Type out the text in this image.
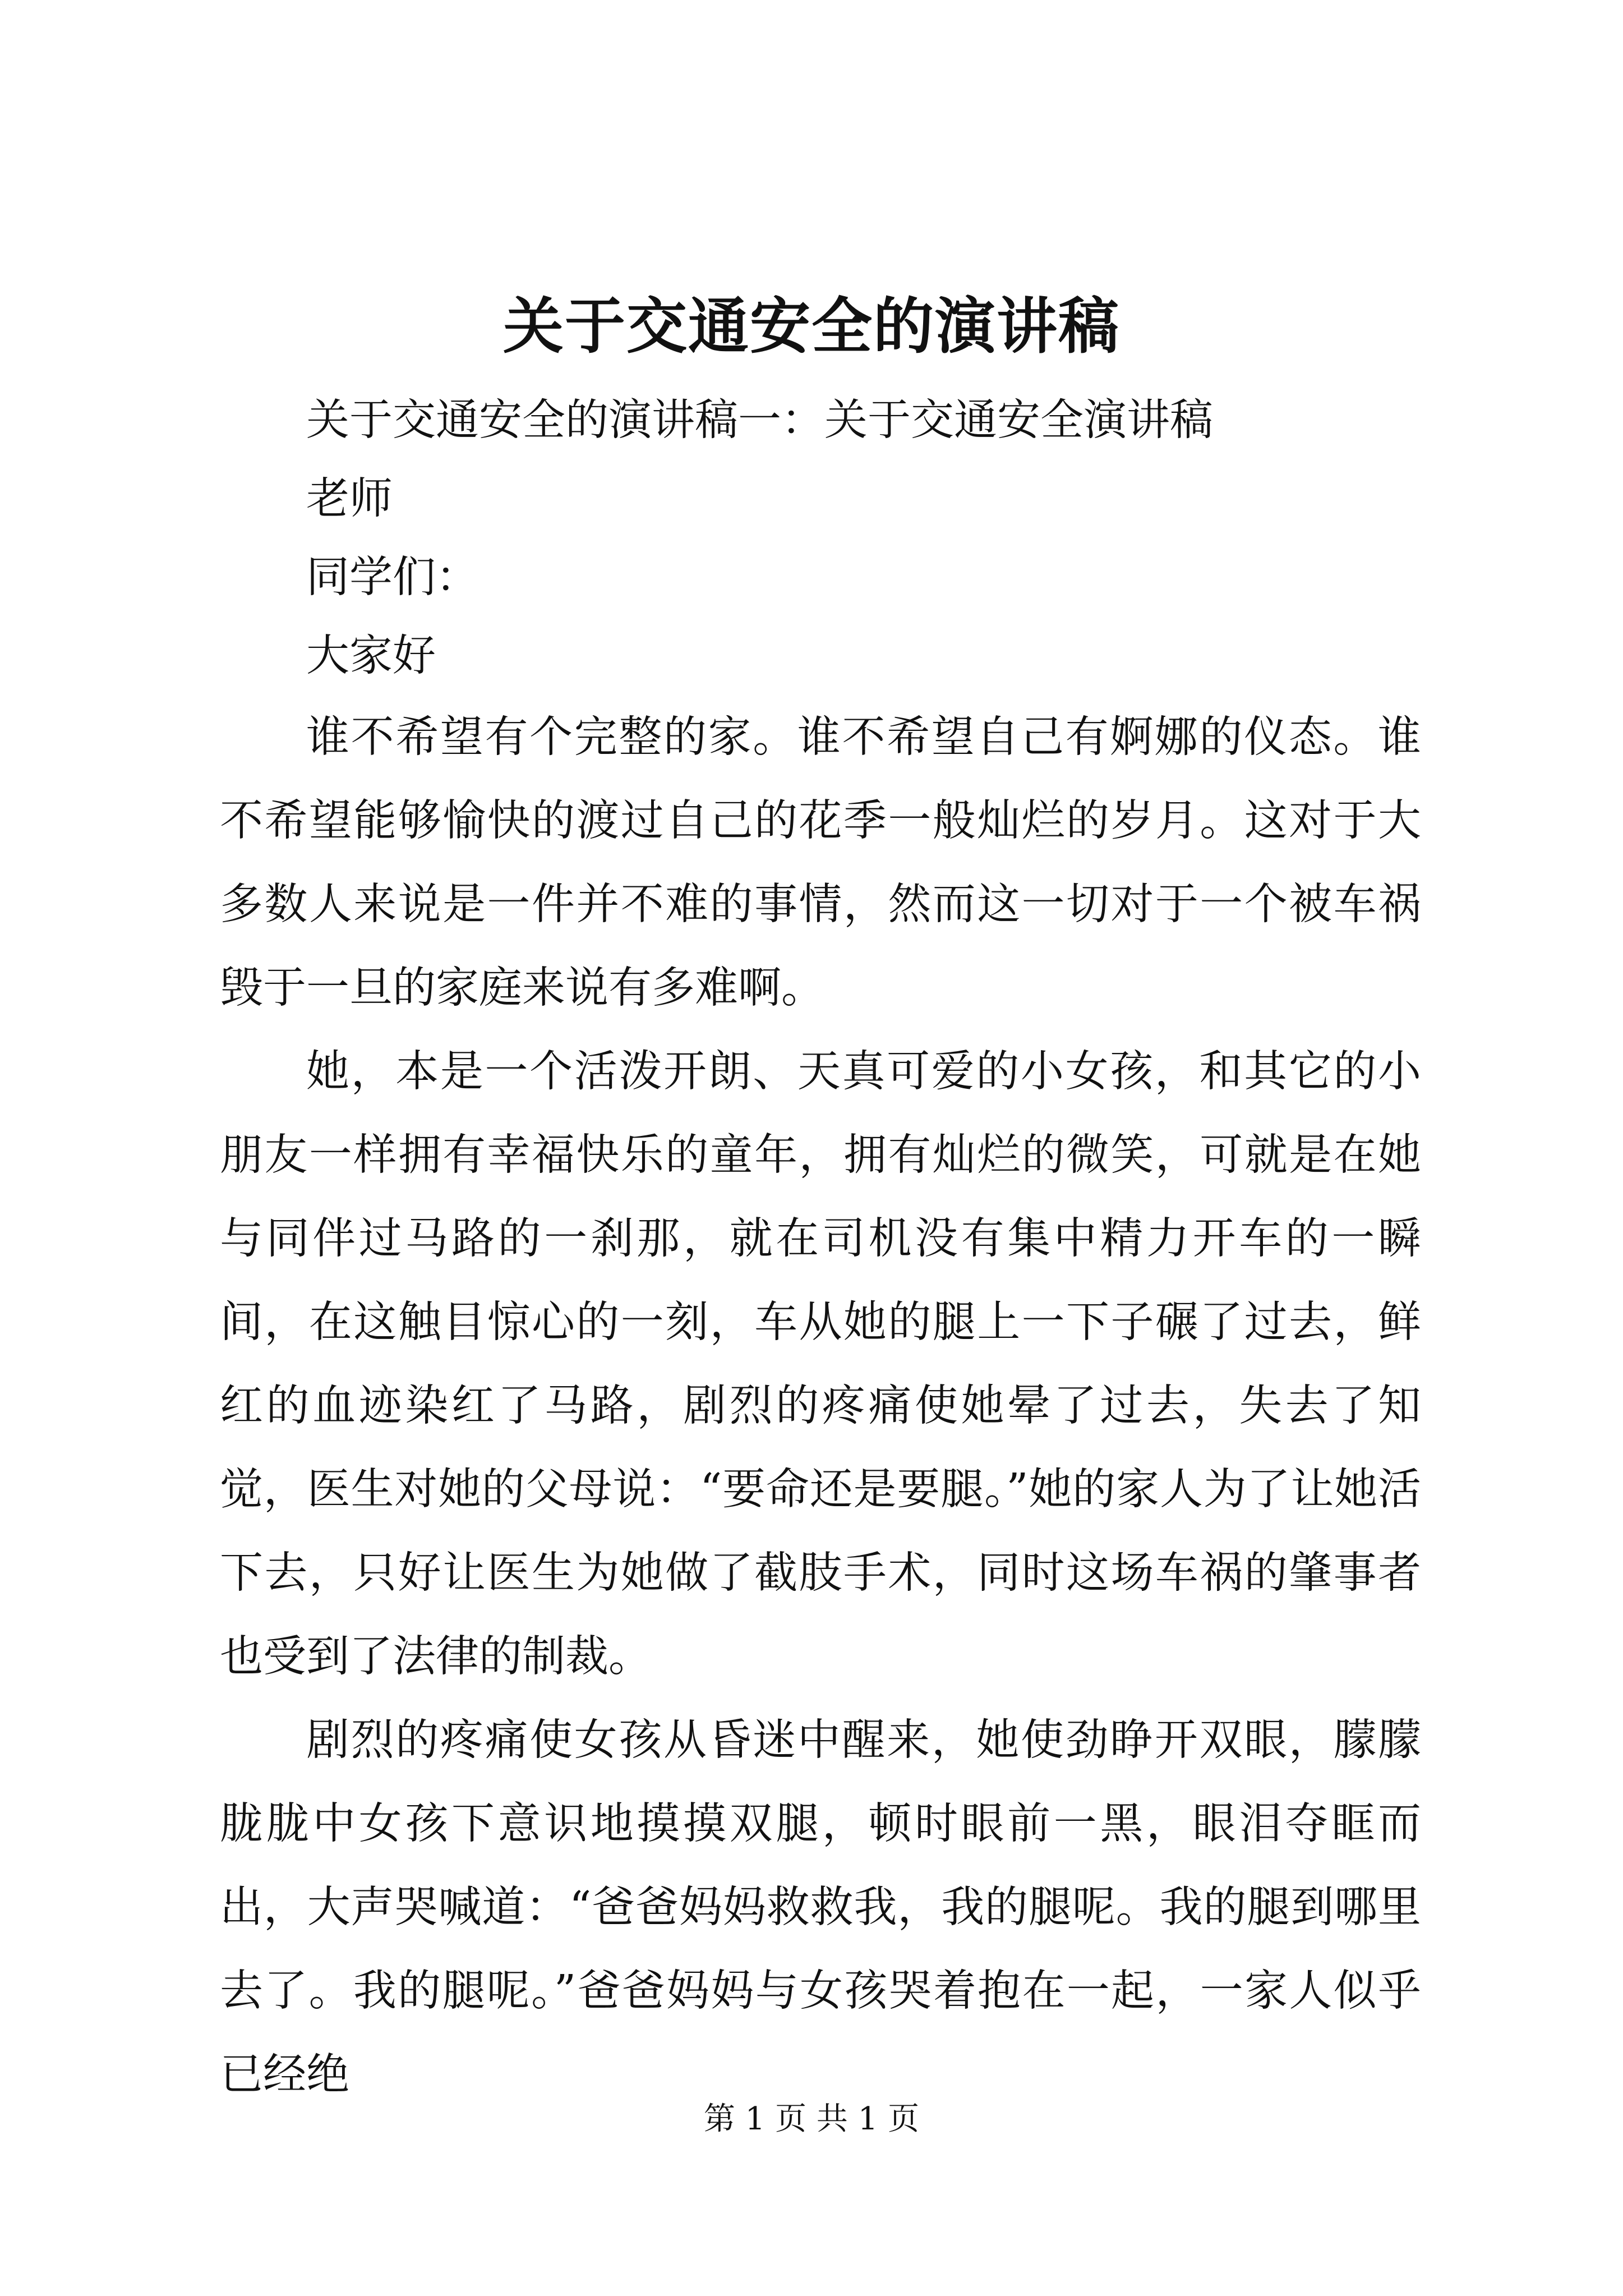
关于交通安全的演讲稿

关于交通安全的演讲稿一：关于交通安全演讲稿

老师

同学们：

大家好

谁不希望有个完整的家。谁不希望自己有婀娜的仪态。谁不希望能够愉快的渡过自己的花季一般灿烂的岁月。这对于大多数人来说是一件并不难的事情，然而这一切对于一个被车祸毁于一旦的家庭来说有多难啊。

她，本是一个活泼开朗、天真可爱的小女孩，和其它的小朋友一样拥有幸福快乐的童年，拥有灿烂的微笑，可就是在她与同伴过马路的一刹那，就在司机没有集中精力开车的一瞬间，在这触目惊心的一刻，车从她的腿上一下子碾了过去，鲜红的血迹染红了马路，剧烈的疼痛使她晕了过去，失去了知觉，医生对她的父母说：“要命还是要腿。”她的家人为了让她活下去，只好让医生为她做了截肢手术，同时这场车祸的肇事者也受到了法律的制裁。

剧烈的疼痛使女孩从昏迷中醒来，她使劲睁开双眼，朦朦胧胧中女孩下意识地摸摸双腿，顿时眼前一黑，眼泪夺眶而出，大声哭喊道：“爸爸妈妈救救我，我的腿呢。我的腿到哪里去了。我的腿呢。”爸爸妈妈与女孩哭着抱在一起，一家人似乎已经绝

第 1 页 共 1 页
